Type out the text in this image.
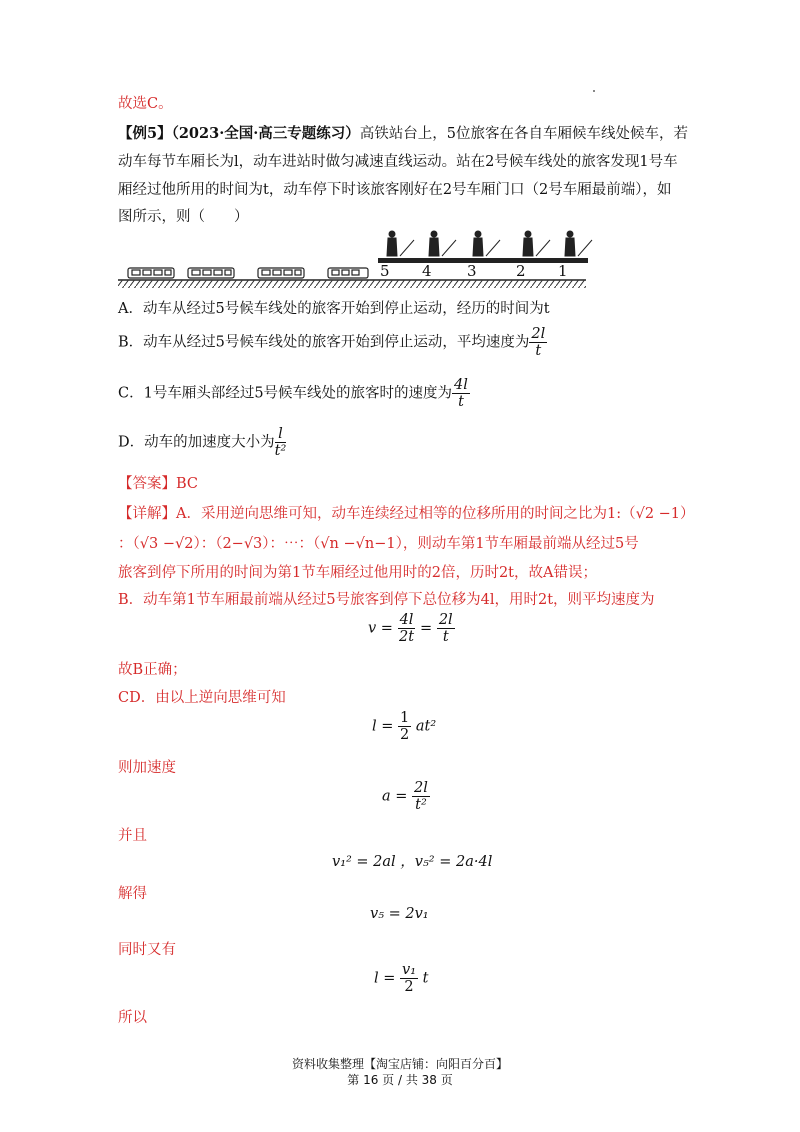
故选C。
【例5】（2023·全国·高三专题练习）高铁站台上，5位旅客在各自车厢候车线处候车，若
动车每节车厢长为l，动车进站时做匀减速直线运动。站在2号候车线处的旅客发现1号车
厢经过他所用的时间为t，动车停下时该旅客刚好在2号车厢门口（2号车厢最前端），如
图所示，则（　　）
5 4 3	2 1
A．动车从经过5号候车线处的旅客开始到停止运动，经历的时间为t
B．动车从经过5号候车线处的旅客开始到停止运动，平均速度为 $\frac{2l}{t}$
C．1号车厢头部经过5号候车线处的旅客时的速度为 $\frac{4l}{t}$
D．动车的加速度大小为 $\frac{l}{\text{t²}}$
【答案】BC
【详解】A．采用逆向思维可知，动车连续经过相等的位移所用的时间之比为1:（√2 −1）
：（√3 −√2）：（2−√3）：⋯：（√n −√n−1），则动车第1节车厢最前端从经过5号
旅客到停下所用的时间为第1节车厢经过他用时的2倍，历时2t，故A错误；
B．动车第1节车厢最前端从经过5号旅客到停下总位移为4l，用时2t，则平均速度为
$v = \frac{4l}{2t} = \frac{2l}{t}$
故B正确；
CD．由以上逆向思维可知
$l = \frac{1}{2} at^2$
则加速度
$a = \frac{2l}{\text{t²}}$
并且
v₁² = 2al ，v₅² = 2a·4l
解得
v₅ = 2v₁
同时又有
$l = \frac{\text{v₁}}{2}$ t
所以
资料收集整理【淘宝店铺：向阳百分百】
第 16 页 / 共 38 页
